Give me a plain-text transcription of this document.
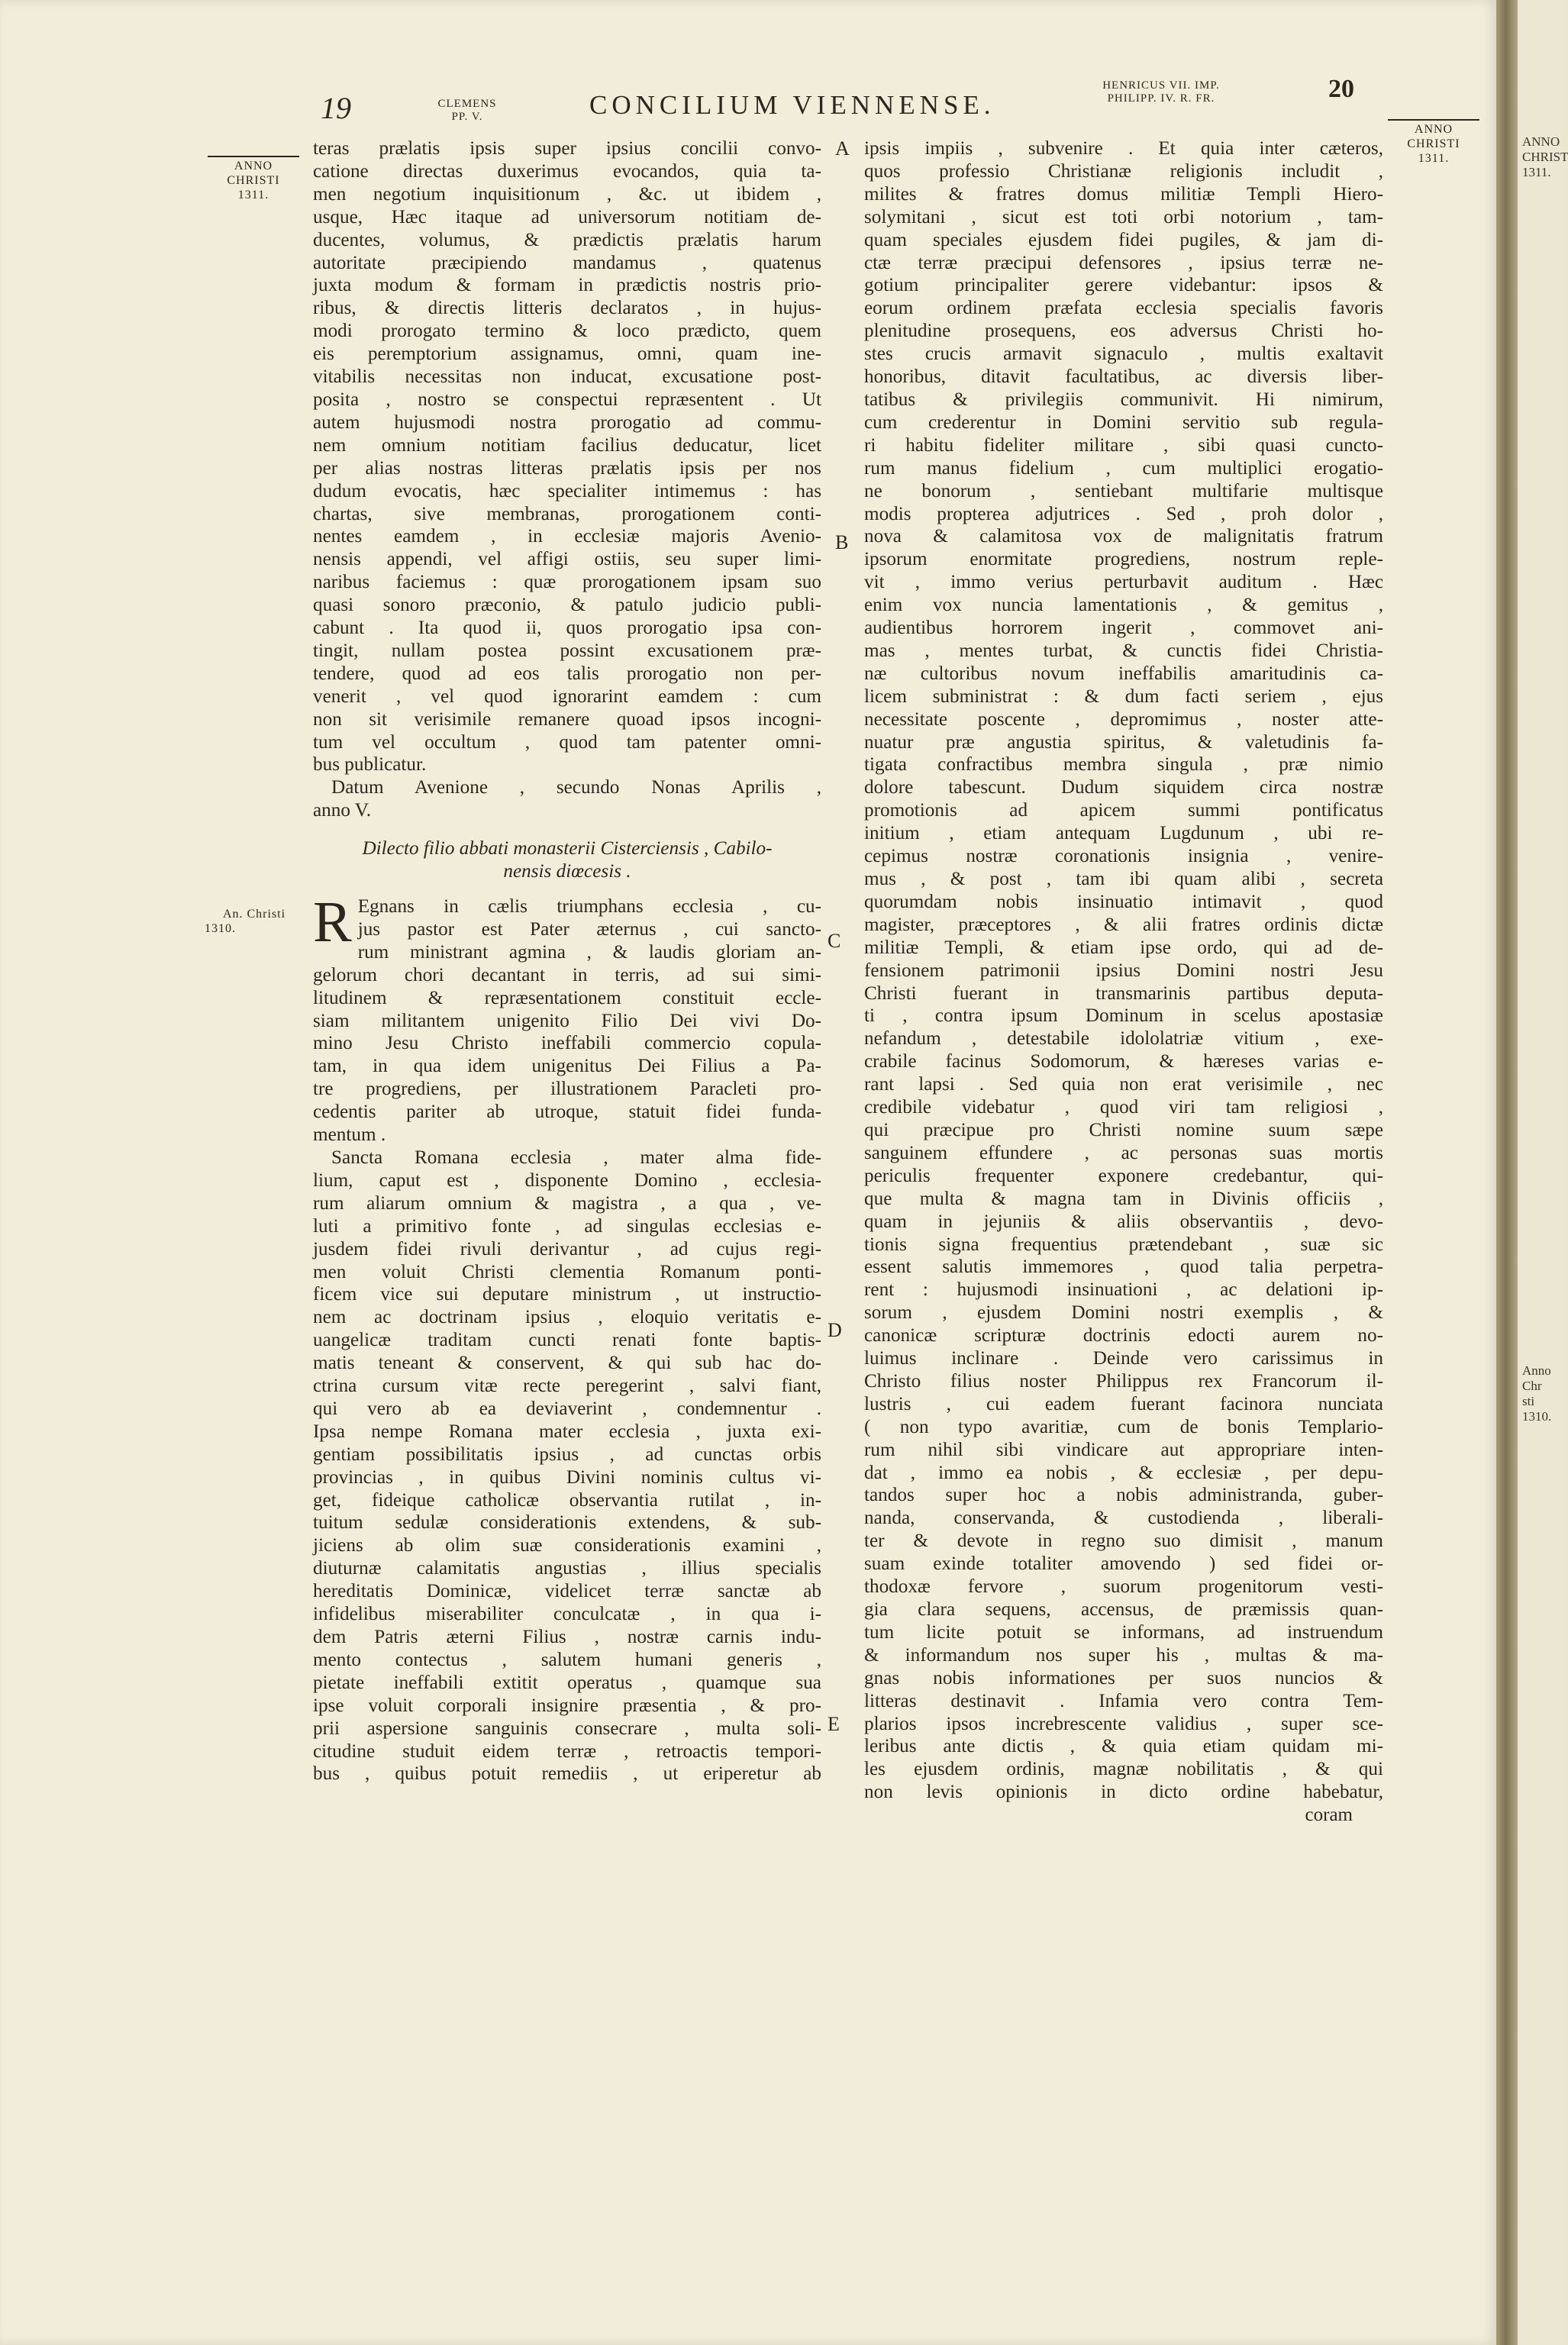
ANNO
CHRIST
1311.
Anno Chr
sti 1310.
19	CLEMENS
PP. V.	CONCILIUM VIENNENSE.
HENRICUS VII. IMP.
PHILIPP. IV. R. FR.	20
ANNO
CHRISTI
1311.
An. Christi
1310.
ANNO
CHRISTI
1311.
A
B
C
D
E
teras prælatis ipsis super ipsius concilii convo-
catione directas duxerimus evocandos, quia ta-
men negotium inquisitionum , &c. ut ibidem ,
usque, Hæc itaque ad universorum notitiam de-
ducentes, volumus, & prædictis prælatis harum
autoritate præcipiendo mandamus , quatenus
juxta modum & formam in prædictis nostris prio-
ribus, & directis litteris declaratos , in hujus-
modi prorogato termino & loco prædicto, quem
eis peremptorium assignamus, omni, quam ine-
vitabilis necessitas non inducat, excusatione post-
posita , nostro se conspectui repræsentent . Ut
autem hujusmodi nostra prorogatio ad commu-
nem omnium notitiam facilius deducatur, licet
per alias nostras litteras prælatis ipsis per nos
dudum evocatis, hæc specialiter intimemus : has
chartas, sive membranas, prorogationem conti-
nentes eamdem , in ecclesiæ majoris Avenio-
nensis appendi, vel affigi ostiis, seu super limi-
naribus faciemus : quæ prorogationem ipsam suo
quasi sonoro præconio, & patulo judicio publi-
cabunt . Ita quod ii, quos prorogatio ipsa con-
tingit, nullam postea possint excusationem præ-
tendere, quod ad eos talis prorogatio non per-
venerit , vel quod ignorarint eamdem : cum
non sit verisimile remanere quoad ipsos incogni-
tum vel occultum , quod tam patenter omni-
bus publicatur.
Datum Avenione , secundo Nonas Aprilis ,
anno V.
Dilecto filio abbati monasterii Cisterciensis , Cabilo-
nensis diœcesis .
R Egnans in cælis triumphans ecclesia , cu-
jus pastor est Pater æternus , cui sancto-
rum ministrant agmina , & laudis gloriam an-
gelorum chori decantant in terris, ad sui simi-
litudinem & repræsentationem constituit eccle-
siam militantem unigenito Filio Dei vivi Do-
mino Jesu Christo ineffabili commercio copula-
tam, in qua idem unigenitus Dei Filius a Pa-
tre progrediens, per illustrationem Paracleti pro-
cedentis pariter ab utroque, statuit fidei funda-
mentum .
Sancta Romana ecclesia , mater alma fide-
lium, caput est , disponente Domino , ecclesia-
rum aliarum omnium & magistra , a qua , ve-
luti a primitivo fonte , ad singulas ecclesias e-
jusdem fidei rivuli derivantur , ad cujus regi-
men voluit Christi clementia Romanum ponti-
ficem vice sui deputare ministrum , ut instructio-
nem ac doctrinam ipsius , eloquio veritatis e-
uangelicæ traditam cuncti renati fonte baptis-
matis teneant & conservent, & qui sub hac do-
ctrina cursum vitæ recte peregerint , salvi fiant,
qui vero ab ea deviaverint , condemnentur .
Ipsa nempe Romana mater ecclesia , juxta exi-
gentiam possibilitatis ipsius , ad cunctas orbis
provincias , in quibus Divini nominis cultus vi-
get, fideique catholicæ observantia rutilat , in-
tuitum sedulæ considerationis extendens, & sub-
jiciens ab olim suæ considerationis examini ,
diuturnæ calamitatis angustias , illius specialis
hereditatis Dominicæ, videlicet terræ sanctæ ab
infidelibus miserabiliter conculcatæ , in qua i-
dem Patris æterni Filius , nostræ carnis indu-
mento contectus , salutem humani generis ,
pietate ineffabili extitit operatus , quamque sua
ipse voluit corporali insignire præsentia , & pro-
prii aspersione sanguinis consecrare , multa soli-
citudine studuit eidem terræ , retroactis tempori-
bus , quibus potuit remediis , ut eriperetur ab
ipsis impiis , subvenire . Et quia inter cæteros,
quos professio Christianæ religionis includit ,
milites & fratres domus militiæ Templi Hiero-
solymitani , sicut est toti orbi notorium , tam-
quam speciales ejusdem fidei pugiles, & jam di-
ctæ terræ præcipui defensores , ipsius terræ ne-
gotium principaliter gerere videbantur: ipsos &
eorum ordinem præfata ecclesia specialis favoris
plenitudine prosequens, eos adversus Christi ho-
stes crucis armavit signaculo , multis exaltavit
honoribus, ditavit facultatibus, ac diversis liber-
tatibus & privilegiis communivit. Hi nimirum,
cum crederentur in Domini servitio sub regula-
ri habitu fideliter militare , sibi quasi cuncto-
rum manus fidelium , cum multiplici erogatio-
ne bonorum , sentiebant multifarie multisque
modis propterea adjutrices . Sed , proh dolor ,
nova & calamitosa vox de malignitatis fratrum
ipsorum enormitate progrediens, nostrum reple-
vit , immo verius perturbavit auditum . Hæc
enim vox nuncia lamentationis , & gemitus ,
audientibus horrorem ingerit , commovet ani-
mas , mentes turbat, & cunctis fidei Christia-
næ cultoribus novum ineffabilis amaritudinis ca-
licem subministrat : & dum facti seriem , ejus
necessitate poscente , depromimus , noster atte-
nuatur præ angustia spiritus, & valetudinis fa-
tigata confractibus membra singula , præ nimio
dolore tabescunt. Dudum siquidem circa nostræ
promotionis ad apicem summi pontificatus
initium , etiam antequam Lugdunum , ubi re-
cepimus nostræ coronationis insignia , venire-
mus , & post , tam ibi quam alibi , secreta
quorumdam nobis insinuatio intimavit , quod
magister, præceptores , & alii fratres ordinis dictæ
militiæ Templi, & etiam ipse ordo, qui ad de-
fensionem patrimonii ipsius Domini nostri Jesu
Christi fuerant in transmarinis partibus deputa-
ti , contra ipsum Dominum in scelus apostasiæ
nefandum , detestabile idololatriæ vitium , exe-
crabile facinus Sodomorum, & hæreses varias e-
rant lapsi . Sed quia non erat verisimile , nec
credibile videbatur , quod viri tam religiosi ,
qui præcipue pro Christi nomine suum sæpe
sanguinem effundere , ac personas suas mortis
periculis frequenter exponere credebantur, qui-
que multa & magna tam in Divinis officiis ,
quam in jejuniis & aliis observantiis , devo-
tionis signa frequentius prætendebant , suæ sic
essent salutis immemores , quod talia perpetra-
rent : hujusmodi insinuationi , ac delationi ip-
sorum , ejusdem Domini nostri exemplis , &
canonicæ scripturæ doctrinis edocti aurem no-
luimus inclinare . Deinde vero carissimus in
Christo filius noster Philippus rex Francorum il-
lustris , cui eadem fuerant facinora nunciata
( non typo avaritiæ, cum de bonis Templario-
rum nihil sibi vindicare aut appropriare inten-
dat , immo ea nobis , & ecclesiæ , per depu-
tandos super hoc a nobis administranda, guber-
nanda, conservanda, & custodienda , liberali-
ter & devote in regno suo dimisit , manum
suam exinde totaliter amovendo ) sed fidei or-
thodoxæ fervore , suorum progenitorum vesti-
gia clara sequens, accensus, de præmissis quan-
tum licite potuit se informans, ad instruendum
& informandum nos super his , multas & ma-
gnas nobis informationes per suos nuncios &
litteras destinavit . Infamia vero contra Tem-
plarios ipsos increbrescente validius , super sce-
leribus ante dictis , & quia etiam quidam mi-
les ejusdem ordinis, magnæ nobilitatis , & qui
non levis opinionis in dicto ordine habebatur,
coram
